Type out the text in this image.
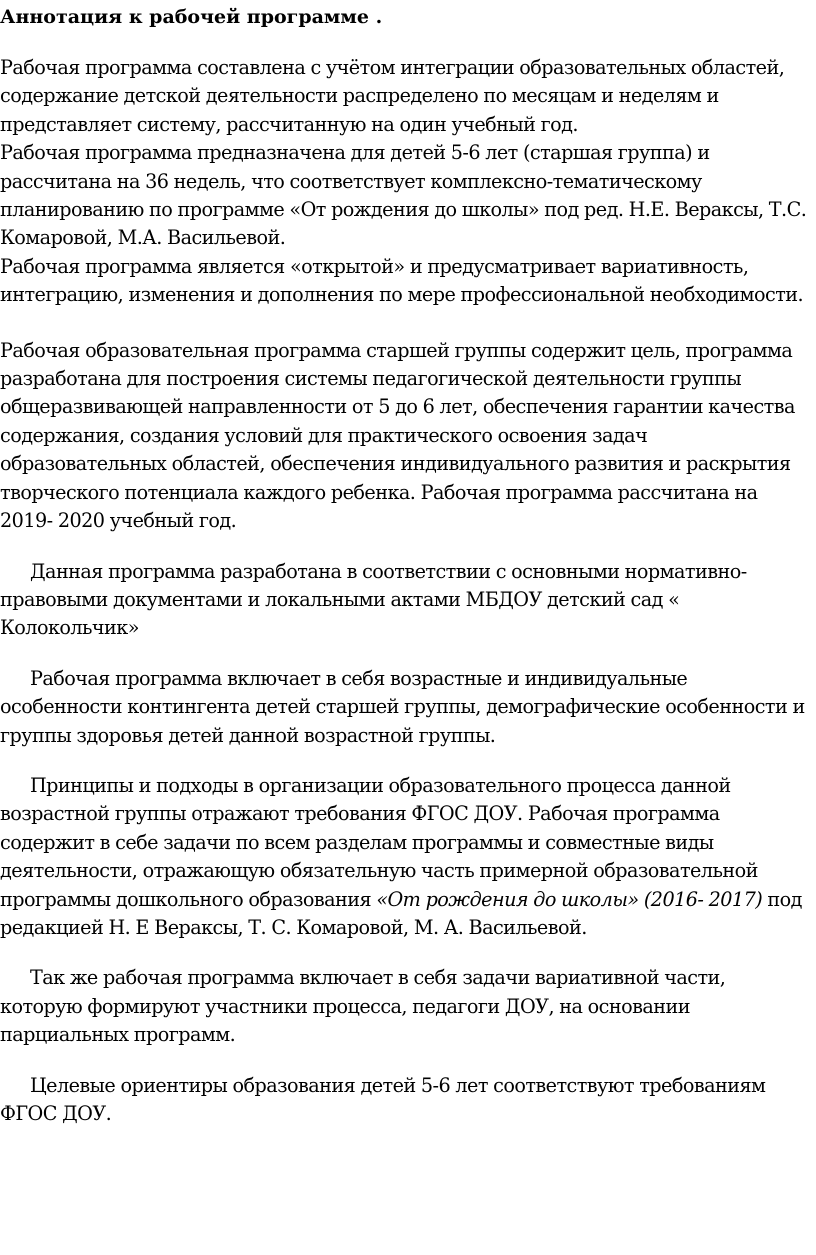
Аннотация к рабочей программе .

Рабочая программа составлена с учётом интеграции образовательных областей, содержание детской деятельности распределено по месяцам и неделям и представляет систему, рассчитанную на один учебный год.

Рабочая программа предназначена для детей 5-6 лет (старшая группа) и рассчитана на 36 недель, что соответствует комплексно-тематическому планированию по программе «От рождения до школы» под ред. Н.Е. Вераксы, Т.С. Комаровой, М.А. Васильевой.

Рабочая программа является «открытой» и предусматривает вариативность, интеграцию, изменения и дополнения по мере профессиональной необходимости.

Рабочая образовательная программа старшей группы содержит цель, программа разработана для построения системы педагогической деятельности группы общеразвивающей направленности от 5 до 6 лет, обеспечения гарантии качества содержания, создания условий для практического освоения задач образовательных областей, обеспечения индивидуального развития и раскрытия творческого потенциала каждого ребенка. Рабочая программа рассчитана на 2019- 2020 учебный год.

Данная программа разработана в соответствии с основными нормативно-правовыми документами и локальными актами МБДОУ детский сад « Колокольчик»

Рабочая программа включает в себя возрастные и индивидуальные особенности контингента детей старшей группы, демографические особенности и группы здоровья детей данной возрастной группы.

Принципы и подходы в организации образовательного процесса данной возрастной группы отражают требования ФГОС ДОУ. Рабочая программа содержит в себе задачи по всем разделам программы и совместные виды деятельности, отражающую обязательную часть примерной образовательной программы дошкольного образования «От рождения до школы» (2016- 2017) под редакцией Н. Е Вераксы, Т. С. Комаровой, М. А. Васильевой.

Так же рабочая программа включает в себя задачи вариативной части, которую формируют участники процесса, педагоги ДОУ, на основании парциальных программ.

Целевые ориентиры образования детей 5-6 лет соответствуют требованиям ФГОС ДОУ.
